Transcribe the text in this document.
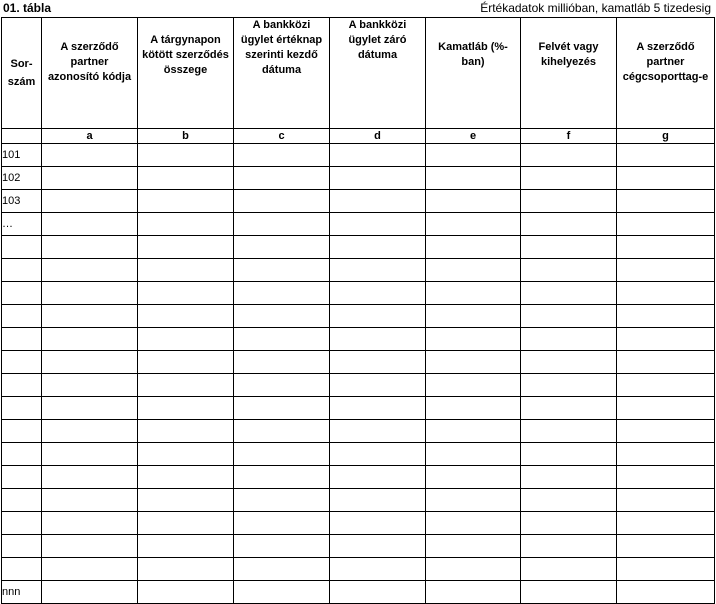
01. tábla	Értékadatok millióban, kamatláb 5 tizedesig
Sor-
szám	A szerződő partner azonosító kódja	A tárgynapon kötött szerződés összege	A bankközi ügylet értéknap szerinti kezdő dátuma	A bankközi ügylet záró dátuma	Kamatláb (%-ban)	Felvét vagy kihelyezés	A szerződő partner cégcsoporttag-e

	a	b	c	d	e	f	g
101							
102							
103							
…							

nnn							
